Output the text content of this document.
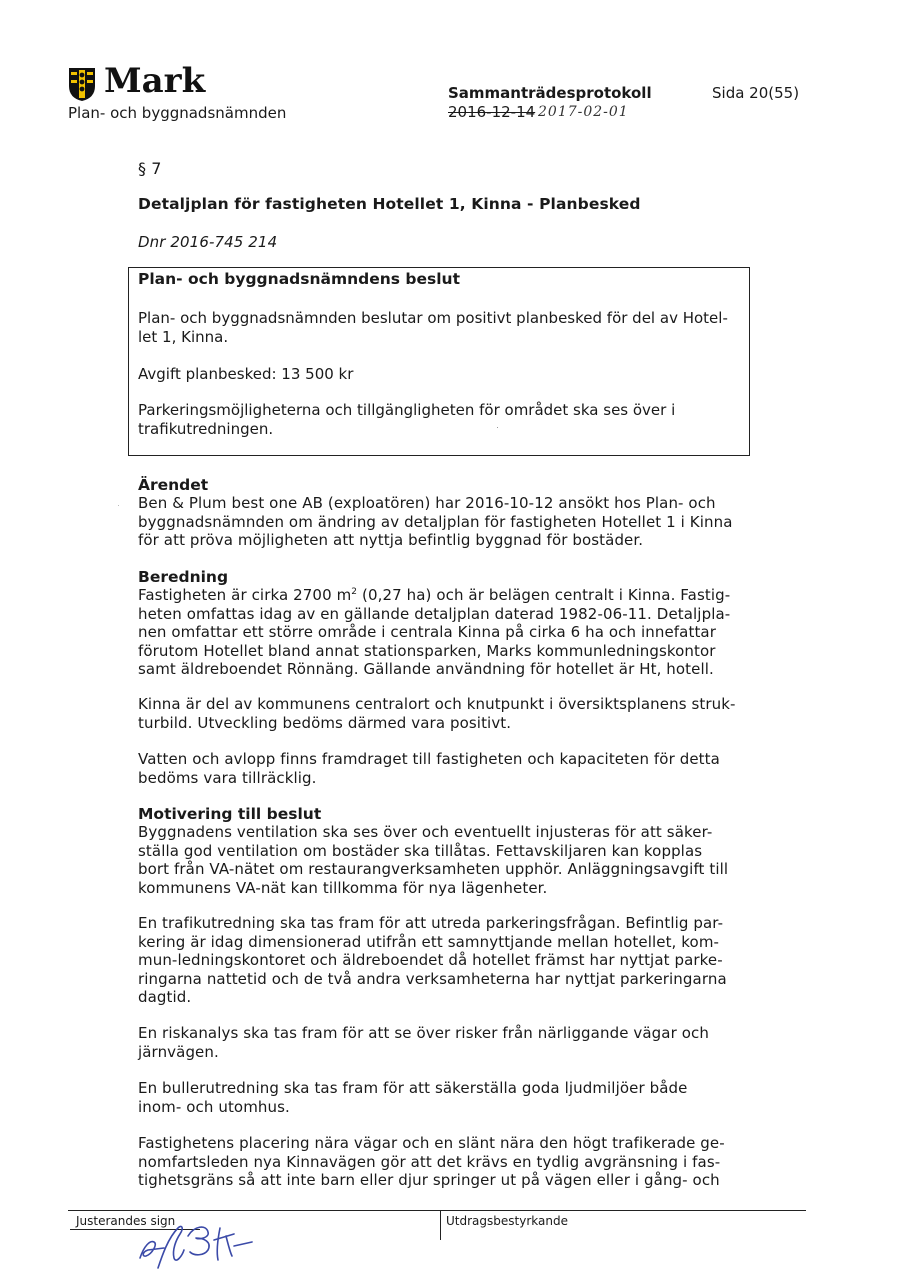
Mark
Plan- och byggnadsnämnden
Sammanträdesprotokoll
2016-12-14 2017-02-01
Sida 20(55)
§ 7
Detaljplan för fastigheten Hotellet 1, Kinna - Planbesked
Dnr 2016-745 214
Plan- och byggnadsnämndens beslut
Plan- och byggnadsnämnden beslutar om positivt planbesked för del av Hotel-
let 1, Kinna.
Avgift planbesked: 13 500 kr
Parkeringsmöjligheterna och tillgängligheten för området ska ses över i
trafikutredningen.
Ärendet
Ben & Plum best one AB (exploatören) har 2016-10-12 ansökt hos Plan- och
byggnadsnämnden om ändring av detaljplan för fastigheten Hotellet 1 i Kinna
för att pröva möjligheten att nyttja befintlig byggnad för bostäder.
Beredning
Fastigheten är cirka 2700 $m^2$ (0,27 ha) och är belägen centralt i Kinna. Fastig-
heten omfattas idag av en gällande detaljplan daterad 1982-06-11. Detaljpla-
nen omfattar ett större område i centrala Kinna på cirka 6 ha och innefattar
förutom Hotellet bland annat stationsparken, Marks kommunledningskontor
samt äldreboendet Rönnäng. Gällande användning för hotellet är Ht, hotell.
Kinna är del av kommunens centralort och knutpunkt i översiktsplanens struk-
turbild. Utveckling bedöms därmed vara positivt.
Vatten och avlopp finns framdraget till fastigheten och kapaciteten för detta
bedöms vara tillräcklig.
Motivering till beslut
Byggnadens ventilation ska ses över och eventuellt injusteras för att säker-
ställa god ventilation om bostäder ska tillåtas. Fettavskiljaren kan kopplas
bort från VA-nätet om restaurangverksamheten upphör. Anläggningsavgift till
kommunens VA-nät kan tillkomma för nya lägenheter.
En trafikutredning ska tas fram för att utreda parkeringsfrågan. Befintlig par-
kering är idag dimensionerad utifrån ett samnyttjande mellan hotellet, kom-
mun-ledningskontoret och äldreboendet då hotellet främst har nyttjat parke-
ringarna nattetid och de två andra verksamheterna har nyttjat parkeringarna
dagtid.
En riskanalys ska tas fram för att se över risker från närliggande vägar och
järnvägen.
En bullerutredning ska tas fram för att säkerställa goda ljudmiljöer både
inom- och utomhus.
Fastighetens placering nära vägar och en slänt nära den högt trafikerade ge-
nomfartsleden nya Kinnavägen gör att det krävs en tydlig avgränsning i fas-
tighetsgräns så att inte barn eller djur springer ut på vägen eller i gång- och
Justerandes sign	Utdragsbestyrkande
